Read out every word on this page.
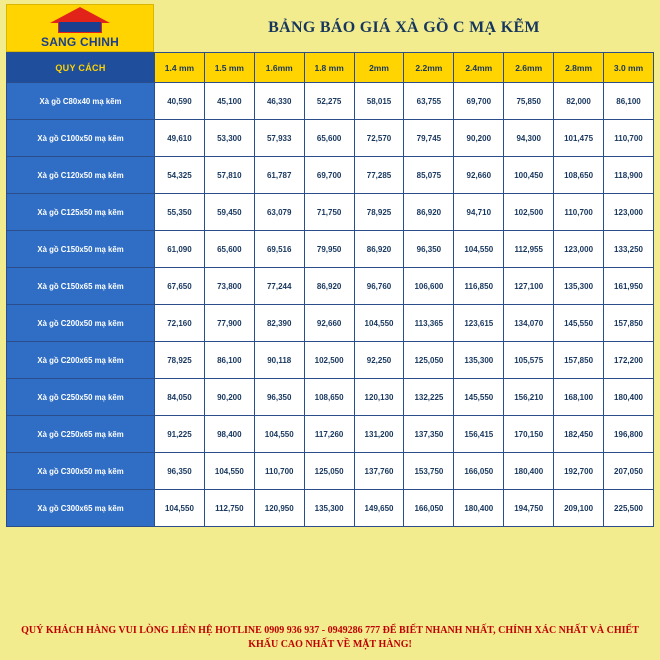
SANG CHINH
BẢNG BÁO GIÁ XÀ GỒ C MẠ KẼM
QUY CÁCH	1.4 mm	1.5 mm	1.6mm	1.8 mm	2mm	2.2mm	2.4mm	2.6mm	2.8mm	3.0 mm
Xà gồ C80x40 mạ kẽm	40,590	45,100	46,330	52,275	58,015	63,755	69,700	75,850	82,000	86,100
Xà gồ C100x50 mạ kẽm	49,610	53,300	57,933	65,600	72,570	79,745	90,200	94,300	101,475	110,700
Xà gồ C120x50 mạ kẽm	54,325	57,810	61,787	69,700	77,285	85,075	92,660	100,450	108,650	118,900
Xà gồ C125x50 mạ kẽm	55,350	59,450	63,079	71,750	78,925	86,920	94,710	102,500	110,700	123,000
Xà gồ C150x50 mạ kẽm	61,090	65,600	69,516	79,950	86,920	96,350	104,550	112,955	123,000	133,250
Xà gồ C150x65 mạ kẽm	67,650	73,800	77,244	86,920	96,760	106,600	116,850	127,100	135,300	161,950
Xà gồ C200x50 mạ kẽm	72,160	77,900	82,390	92,660	104,550	113,365	123,615	134,070	145,550	157,850
Xà gồ C200x65 mạ kẽm	78,925	86,100	90,118	102,500	92,250	125,050	135,300	105,575	157,850	172,200
Xà gồ C250x50 mạ kẽm	84,050	90,200	96,350	108,650	120,130	132,225	145,550	156,210	168,100	180,400
Xà gồ C250x65 mạ kẽm	91,225	98,400	104,550	117,260	131,200	137,350	156,415	170,150	182,450	196,800
Xà gồ C300x50 mạ kẽm	96,350	104,550	110,700	125,050	137,760	153,750	166,050	180,400	192,700	207,050
Xà gồ C300x65 mạ kẽm	104,550	112,750	120,950	135,300	149,650	166,050	180,400	194,750	209,100	225,500
QUÝ KHÁCH HÀNG VUI LÒNG LIÊN HỆ HOTLINE 0909 936 937 - 0949286 777 ĐỂ BIẾT NHANH NHẤT, CHÍNH XÁC NHẤT VÀ CHIẾT
KHẤU CAO NHẤT VỀ MẶT HÀNG!
